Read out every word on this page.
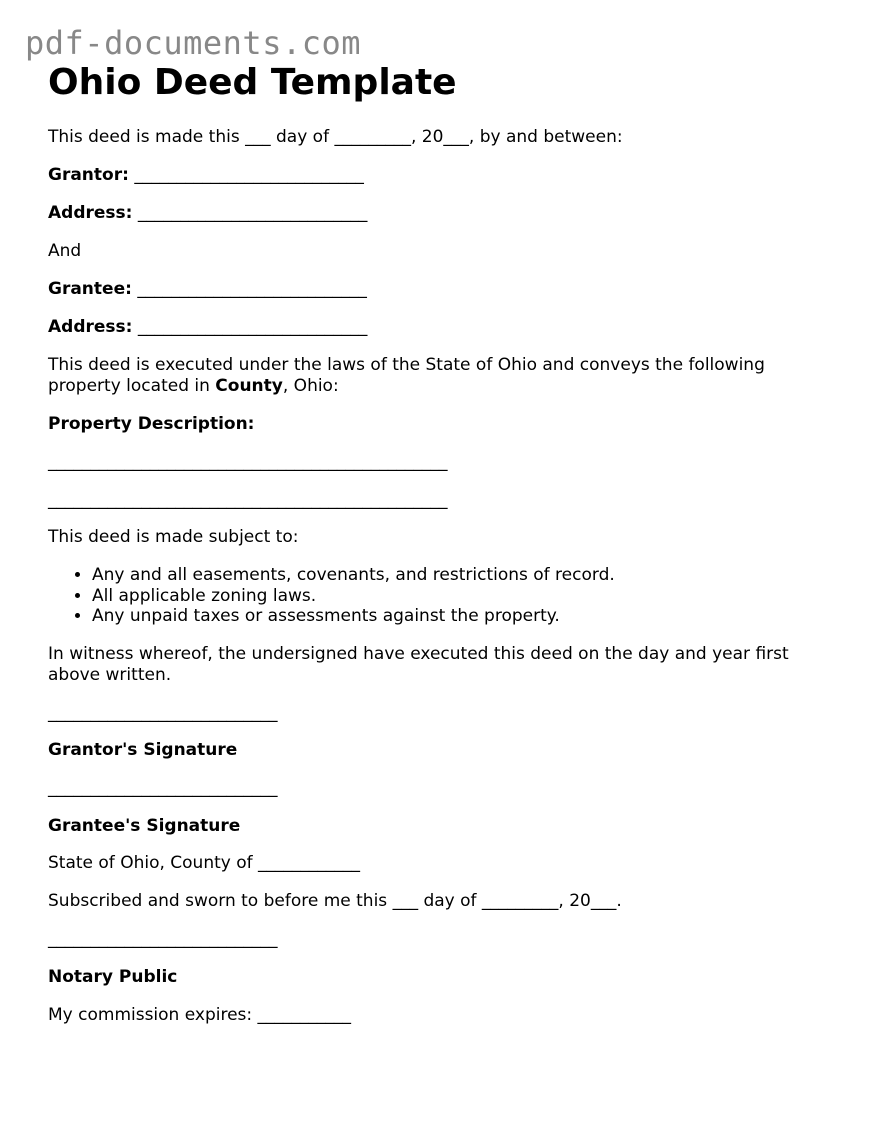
pdf-documents.com
Ohio Deed Template

This deed is made this ___ day of _________, 20___, by and between:

Grantor: ___________________________

Address: ___________________________

And

Grantee: ___________________________

Address: ___________________________

This deed is executed under the laws of the State of Ohio and conveys the following property located in County, Ohio:

Property Description:

_______________________________________________

_______________________________________________

This deed is made subject to:

• Any and all easements, covenants, and restrictions of record.
• All applicable zoning laws.
• Any unpaid taxes or assessments against the property.

In witness whereof, the undersigned have executed this deed on the day and year first above written.

___________________________

Grantor's Signature

___________________________

Grantee's Signature

State of Ohio, County of ____________

Subscribed and sworn to before me this ___ day of _________, 20___.

___________________________

Notary Public

My commission expires: ___________
